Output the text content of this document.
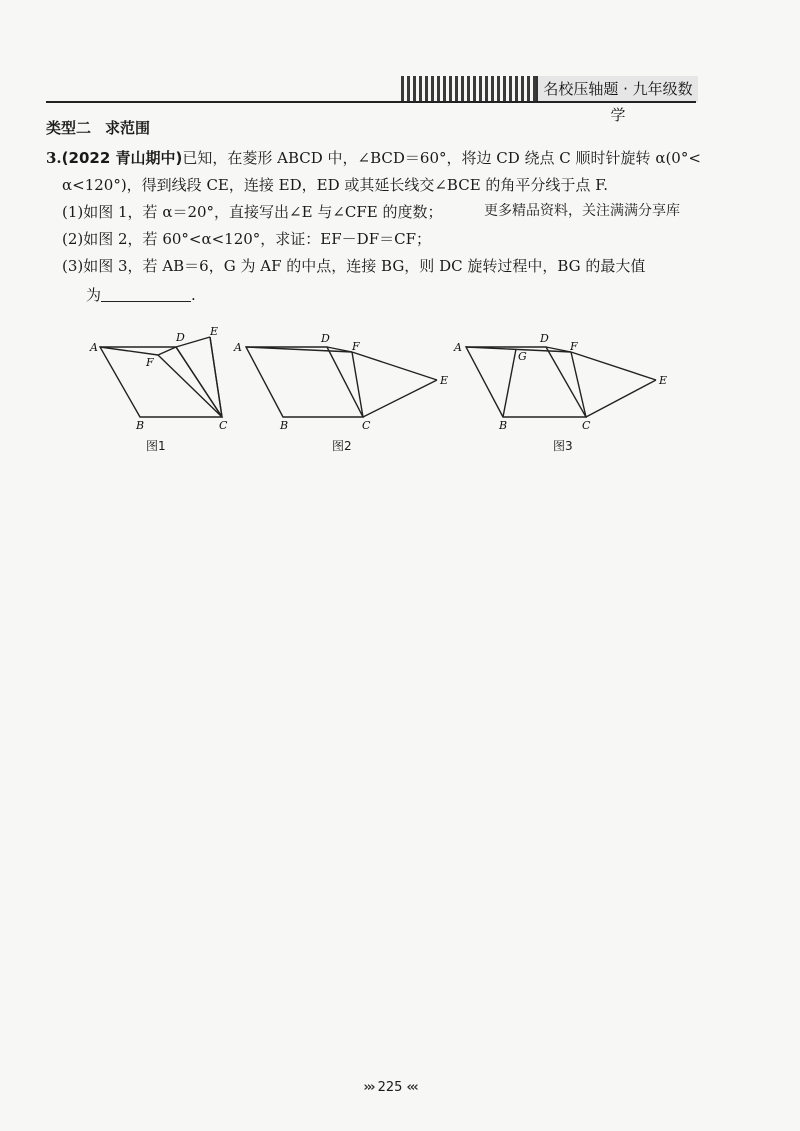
名校压轴题 · 九年级数学
类型二 求范围
3.(2022 青山期中)已知，在菱形 ABCD 中，∠BCD＝60°，将边 CD 绕点 C 顺时针旋转 α(0°<
α<120°)，得到线段 CE，连接 ED，ED 或其延长线交∠BCE 的角平分线于点 F.
(1)如图 1，若 α＝20°，直接写出∠E 与∠CFE 的度数；	更多精品资料，关注满满分享库
(2)如图 2，若 60°<α<120°，求证：EF－DF＝CF；
(3)如图 3，若 AB＝6，G 为 AF 的中点，连接 BG，则 DC 旋转过程中，BG 的最大值
为	.
A
D E
F
B	C
图1
A
D
F
E
B	C
图2
A
G
D
F
E
B	C
图3
››› 225 ‹‹‹
